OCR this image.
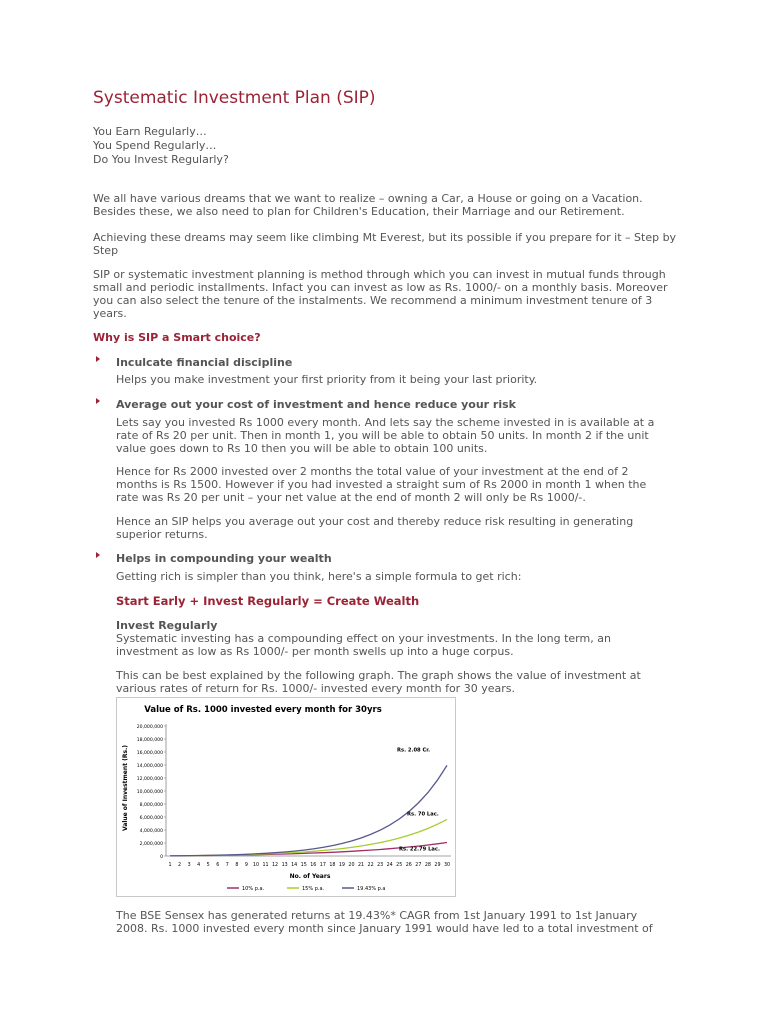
Systematic Investment Plan (SIP)
You Earn Regularly…
You Spend Regularly…
Do You Invest Regularly?

We all have various dreams that we want to realize – owning a Car, a House or going on a Vacation. Besides these, we also need to plan for Children's Education, their Marriage and our Retirement.

Achieving these dreams may seem like climbing Mt Everest, but its possible if you prepare for it – Step by Step

SIP or systematic investment planning is method through which you can invest in mutual funds through small and periodic installments. Infact you can invest as low as Rs. 1000/- on a monthly basis. Moreover you can also select the tenure of the instalments. We recommend a minimum investment tenure of 3 years.

Why is SIP a Smart choice?
Inculcate financial discipline

Helps you make investment your first priority from it being your last priority.

Average out your cost of investment and hence reduce your risk

Lets say you invested Rs 1000 every month. And lets say the scheme invested in is available at a rate of Rs 20 per unit. Then in month 1, you will be able to obtain 50 units. In month 2 if the unit value goes down to Rs 10 then you will be able to obtain 100 units.

Hence for Rs 2000 invested over 2 months the total value of your investment at the end of 2 months is Rs 1500. However if you had invested a straight sum of Rs 2000 in month 1 when the rate was Rs 20 per unit – your net value at the end of month 2 will only be Rs 1000/-.

Hence an SIP helps you average out your cost and thereby reduce risk resulting in generating superior returns.

Helps in compounding your wealth

Getting rich is simpler than you think, here's a simple formula to get rich:

Start Early + Invest Regularly = Create Wealth
Invest Regularly

Systematic investing has a compounding effect on your investments. In the long term, an investment as low as Rs 1000/- per month swells up into a huge corpus.

This can be best explained by the following graph. The graph shows the value of investment at various rates of return for Rs. 1000/- invested every month for 30 years.

Value of Rs. 1000 invested every month for 30yrs
Value of Investment (Rs.)
No. of Years
0
2,000,000
4,000,000
6,000,000
8,000,000
10,000,000
12,000,000
14,000,000
16,000,000
18,000,000
20,000,000
1 2 3 4 5 6 7 8 9 10 11 12 13 14 15 16 17 18 19 20 21 22 23 24 25 26 27 28 29 30
Rs. 22.79 Lac.
Rs. 70 Lac.
Rs. 2.08 Cr.
10% p.a.	15% p.a.	19.43% p.a

The BSE Sensex has generated returns at 19.43%* CAGR from 1st January 1991 to 1st January 2008. Rs. 1000 invested every month since January 1991 would have led to a total investment of
